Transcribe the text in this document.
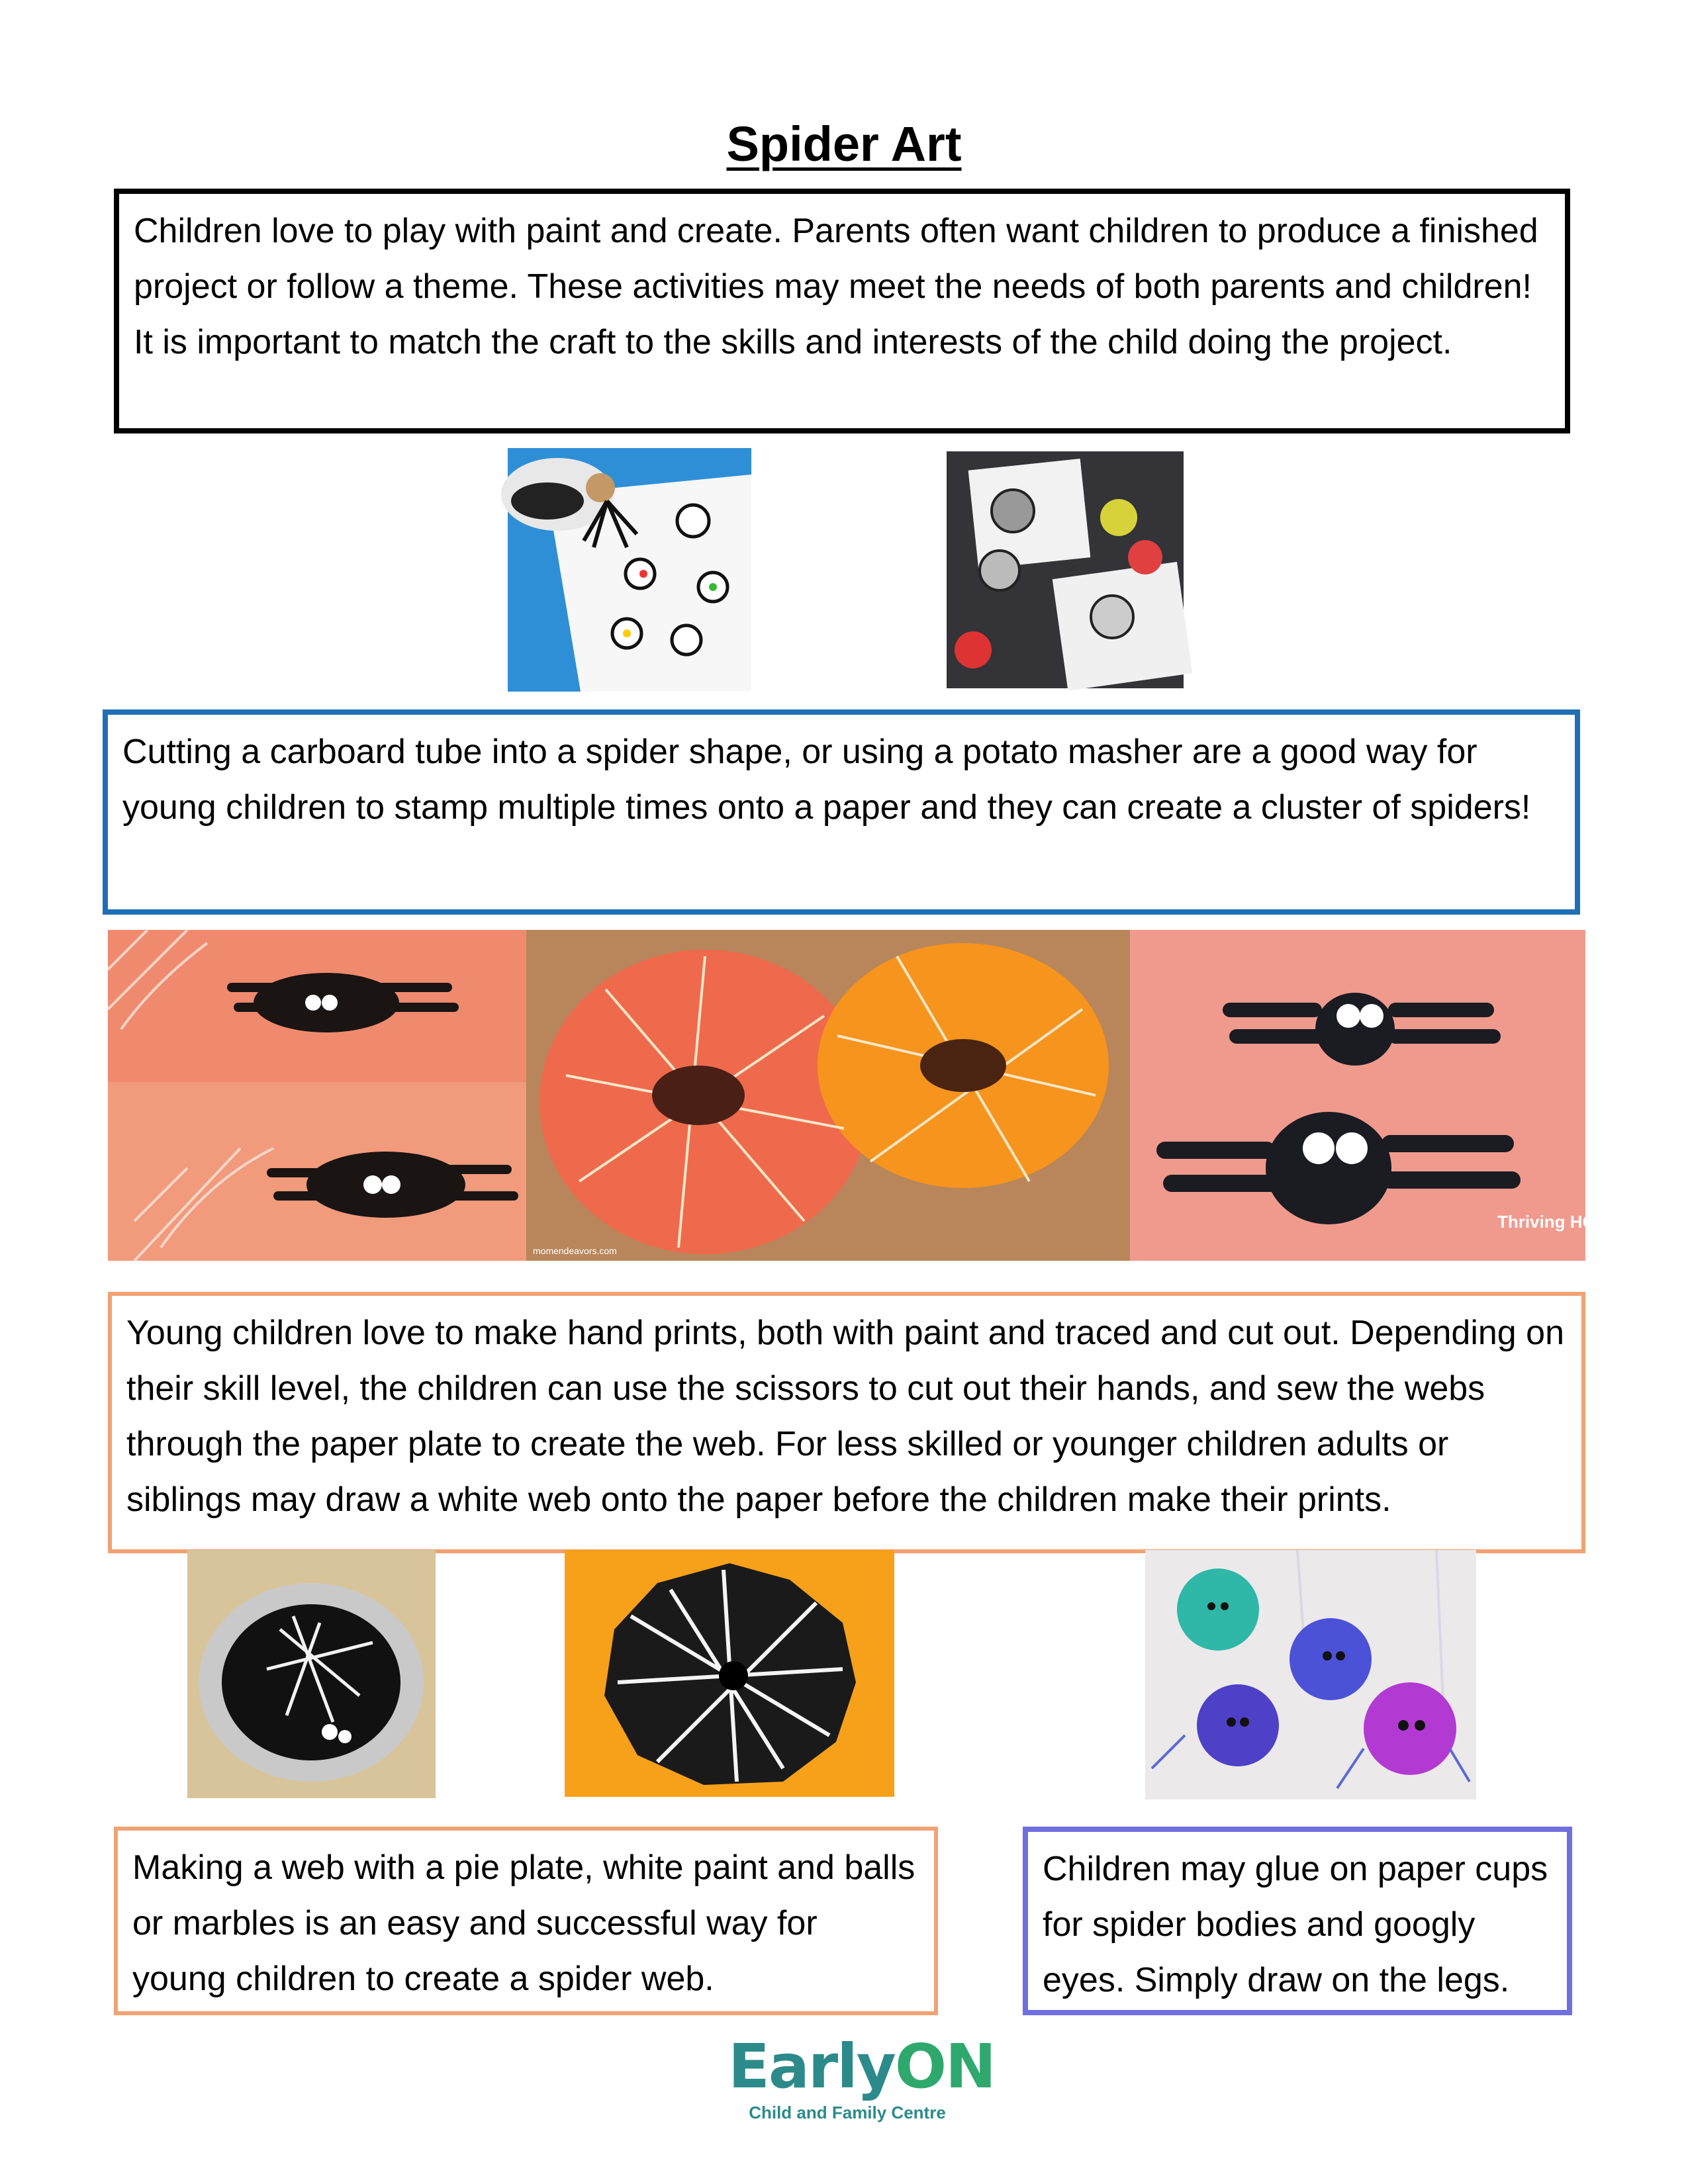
Spider Art

Children love to play with paint and create. Parents often want children to produce a finished project or follow a theme. These activities may meet the needs of both parents and children! It is important to match the craft to the skills and interests of the child doing the project.

Cutting a carboard tube into a spider shape, or using a potato masher are a good way for young children to stamp multiple times onto a paper and they can create a cluster of spiders!

momendeavors.com
Thriving HOME

Young children love to make hand prints, both with paint and traced and cut out. Depending on their skill level, the children can use the scissors to cut out their hands, and sew the webs through the paper plate to create the web. For less skilled or younger children adults or siblings may draw a white web onto the paper before the children make their prints.

Making a web with a pie plate, white paint and balls or marbles is an easy and successful way for young children to create a spider web.

Children may glue on paper cups for spider bodies and googly eyes. Simply draw on the legs.

EarlyON
Child and Family Centre
